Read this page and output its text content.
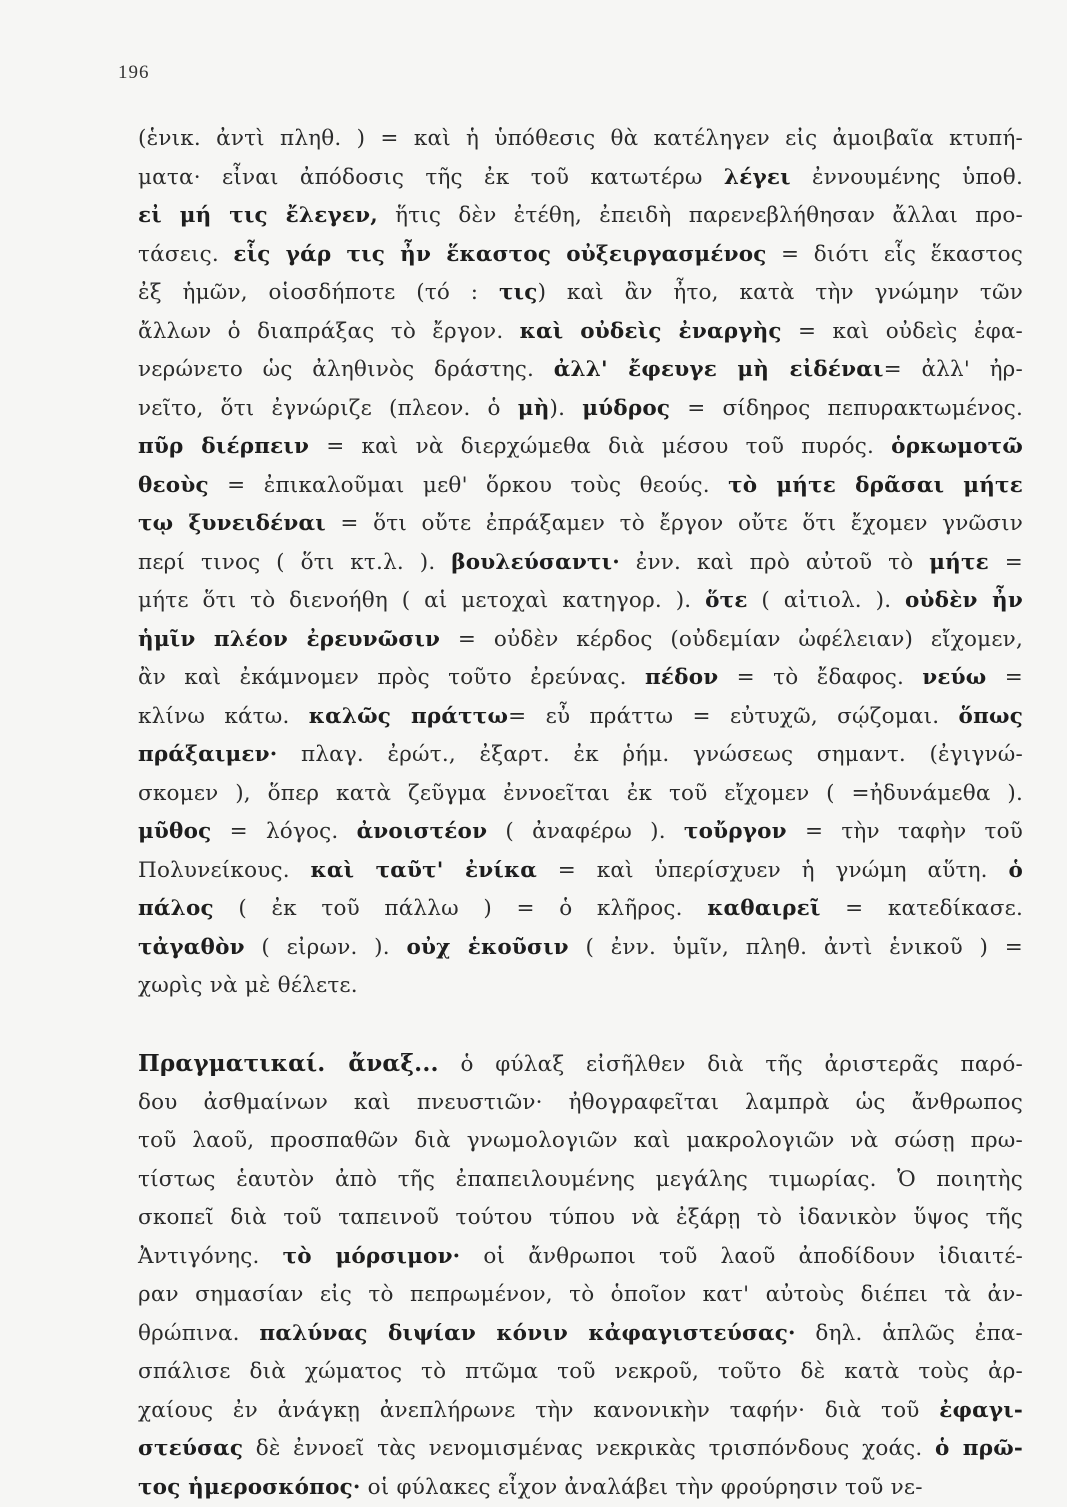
196
(ἑνικ. ἀντὶ πληθ. ) = καὶ ἡ ὑπόθεσις θὰ κατέληγεν εἰς ἀμοιβαῖα κτυπή-
ματα· εἶναι ἀπόδοσις τῆς ἐκ τοῦ κατωτέρω λέγει ἐννουμένης ὑποθ.
εἰ μή τις ἔλεγεν, ἥτις δὲν ἐτέθη, ἐπειδὴ παρενεβλήθησαν ἄλλαι προ-
τάσεις. εἷς γάρ τις ἦν ἕκαστος οὐξειργασμένος = διότι εἷς ἕκαστος
ἐξ ἡμῶν, οἱοσδήποτε (τό : τις) καὶ ἂν ἦτο, κατὰ τὴν γνώμην τῶν
ἄλλων ὁ διαπράξας τὸ ἔργον. καὶ οὐδεὶς ἐναργὴς = καὶ οὐδεὶς ἐφα-
νερώνετο ὡς ἀληθινὸς δράστης. ἀλλ' ἔφευγε μὴ εἰδέναι= ἀλλ' ἠρ-
νεῖτο, ὅτι ἐγνώριζε (πλεον. ὁ μὴ). μύδρος = σίδηρος πεπυρακτωμένος.
πῦρ διέρπειν = καὶ νὰ διερχώμεθα διὰ μέσου τοῦ πυρός. ὁρκωμοτῶ
θεοὺς = ἐπικαλοῦμαι μεθ' ὅρκου τοὺς θεούς. τὸ μήτε δρᾶσαι μήτε
τῳ ξυνειδέναι = ὅτι οὔτε ἐπράξαμεν τὸ ἔργον οὔτε ὅτι ἔχομεν γνῶσιν
περί τινος ( ὅτι κτ.λ. ). βουλεύσαντι· ἐνν. καὶ πρὸ αὐτοῦ τὸ μήτε =
μήτε ὅτι τὸ διενοήθη ( αἱ μετοχαὶ κατηγορ. ). ὅτε ( αἰτιολ. ). οὐδὲν ἦν
ἡμῖν πλέον ἐρευνῶσιν = οὐδὲν κέρδος (οὐδεμίαν ὠφέλειαν) εἴχομεν,
ἂν καὶ ἐκάμνομεν πρὸς τοῦτο ἐρεύνας. πέδον = τὸ ἔδαφος. νεύω =
κλίνω κάτω. καλῶς πράττω= εὖ πράττω = εὐτυχῶ, σῴζομαι. ὅπως
πράξαιμεν· πλαγ. ἐρώτ., ἐξαρτ. ἐκ ῥήμ. γνώσεως σημαντ. (ἐγιγνώ-
σκομεν ), ὅπερ κατὰ ζεῦγμα ἐννοεῖται ἐκ τοῦ εἴχομεν ( =ἠδυνάμεθα ).
μῦθος = λόγος. ἀνοιστέον ( ἀναφέρω ). τοὔργον = τὴν ταφὴν τοῦ
Πολυνείκους. καὶ ταῦτ' ἐνίκα = καὶ ὑπερίσχυεν ἡ γνώμη αὕτη. ὁ
πάλος ( ἐκ τοῦ πάλλω ) = ὁ κλῆρος. καθαιρεῖ = κατεδίκασε.
τἀγαθὸν ( εἰρων. ). οὐχ ἑκοῦσιν ( ἐνν. ὑμῖν, πληθ. ἀντὶ ἑνικοῦ ) =
χωρὶς νὰ μὲ θέλετε.
Πραγματικαί. ἄναξ... ὁ φύλαξ εἰσῆλθεν διὰ τῆς ἀριστερᾶς παρό-
δου ἀσθμαίνων καὶ πνευστιῶν· ἠθογραφεῖται λαμπρὰ ὡς ἄνθρωπος
τοῦ λαοῦ, προσπαθῶν διὰ γνωμολογιῶν καὶ μακρολογιῶν νὰ σώσῃ πρω-
τίστως ἑαυτὸν ἀπὸ τῆς ἐπαπειλουμένης μεγάλης τιμωρίας. Ὁ ποιητὴς
σκοπεῖ διὰ τοῦ ταπεινοῦ τούτου τύπου νὰ ἐξάρῃ τὸ ἰδανικὸν ὕψος τῆς
Ἀντιγόνης. τὸ μόρσιμον· οἱ ἄνθρωποι τοῦ λαοῦ ἀποδίδουν ἰδιαιτέ-
ραν σημασίαν εἰς τὸ πεπρωμένον, τὸ ὁποῖον κατ' αὐτοὺς διέπει τὰ ἀν-
θρώπινα. παλύνας διψίαν κόνιν κἀφαγιστεύσας· δηλ. ἁπλῶς ἐπα-
σπάλισε διὰ χώματος τὸ πτῶμα τοῦ νεκροῦ, τοῦτο δὲ κατὰ τοὺς ἀρ-
χαίους ἐν ἀνάγκῃ ἀνεπλήρωνε τὴν κανονικὴν ταφήν· διὰ τοῦ ἐφαγι-
στεύσας δὲ ἐννοεῖ τὰς νενομισμένας νεκρικὰς τρισπόνδους χοάς. ὁ πρῶ-
τος ἡμεροσκόπος· οἱ φύλακες εἶχον ἀναλάβει τὴν φρούρησιν τοῦ νε-
